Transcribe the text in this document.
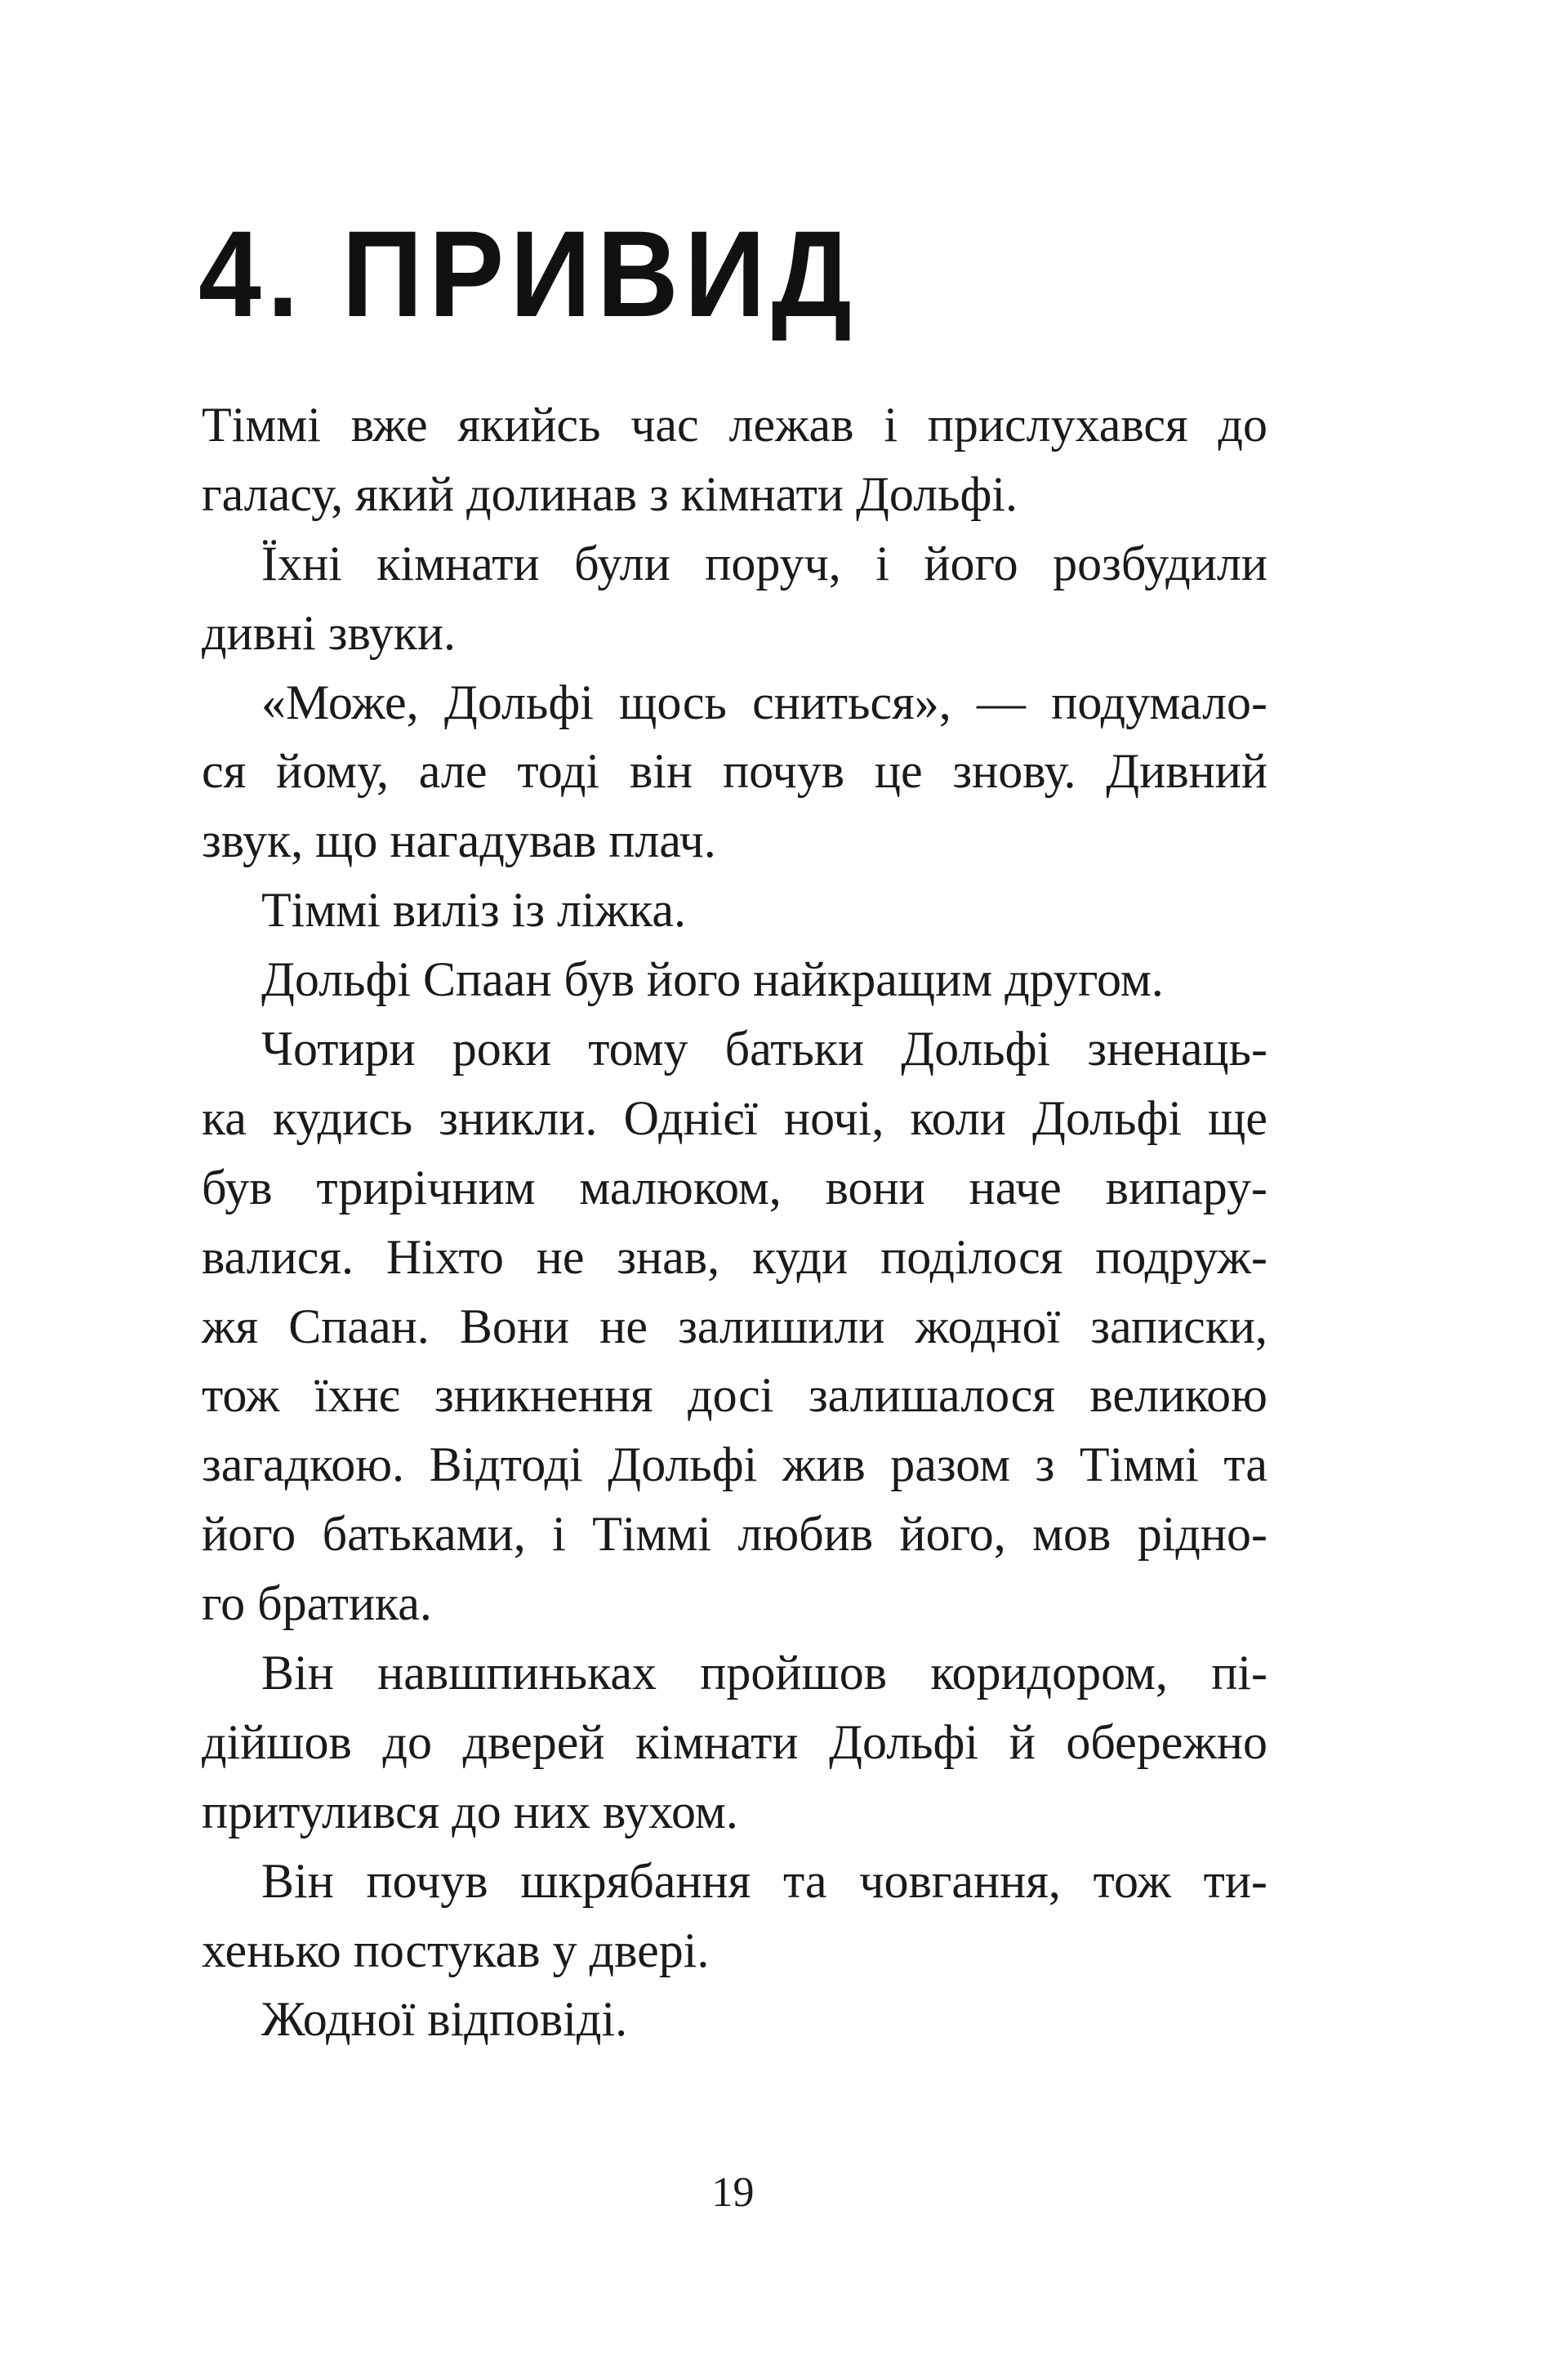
4. ПРИВИД
Тіммі вже якийсь час лежав і прислухався до
галасу, який долинав з кімнати Дольфі.
Їхні кімнати були поруч, і його розбудили
дивні звуки.
«Може, Дольфі щось сниться», — подумало-
ся йому, але тоді він почув це знову. Дивний
звук, що нагадував плач.
Тіммі виліз із ліжка.
Дольфі Спаан був його найкращим другом.
Чотири роки тому батьки Дольфі зненаць-
ка кудись зникли. Однієї ночі, коли Дольфі ще
був трирічним малюком, вони наче випару-
валися. Ніхто не знав, куди поділося подруж-
жя Спаан. Вони не залишили жодної записки,
тож їхнє зникнення досі залишалося великою
загадкою. Відтоді Дольфі жив разом з Тіммі та
його батьками, і Тіммі любив його, мов рідно-
го братика.
Він навшпиньках пройшов коридором, пі-
дійшов до дверей кімнати Дольфі й обережно
притулився до них вухом.
Він почув шкрябання та човгання, тож ти-
хенько постукав у двері.
Жодної відповіді.
19
